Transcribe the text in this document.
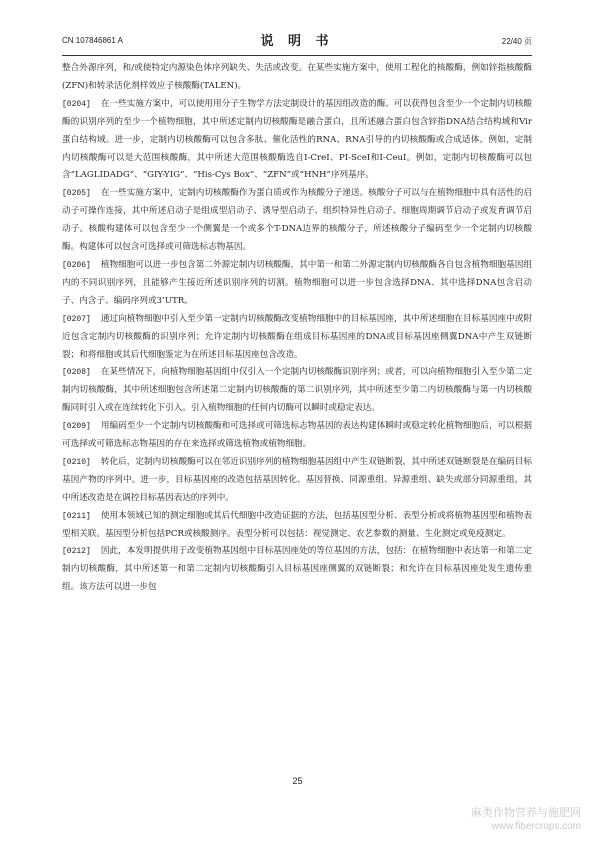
CN 107846861 A	说 明 书	22/40 页

整合外源序列，和/或使特定内源染色体序列缺失、失活或改变。在某些实施方案中，使用工程化的核酸酶，例如锌指核酸酶(ZFN)和转录活化剂样效应子核酸酶(TALEN)。

[0204] 在一些实施方案中，可以使用用分子生物学方法定制设计的基因组改造的酶。可以获得包含至少一个定制内切核酸酶的识别序列的至少一个植物细胞，其中所述定制内切核酸酶是融合蛋白，且所述融合蛋白包含锌指DNA结合结构域和Vir蛋白结构域。进一步，定制内切核酸酶可以包含多肽、催化活性的RNA、RNA引导的内切核酸酶或合成适体。例如，定制内切核酸酶可以是大范围核酸酶，其中所述大范围核酸酶选自I-CreI、PI-SceI和I-CeuI。例如，定制内切核酸酶可以包含“LAGLIDADG”、“GIY-YIG”、“His-Cys Box”、“ZFN”或“HNH”序列基序。

[0205] 在一些实施方案中，定制内切核酸酶作为蛋白质或作为核酸分子递送。核酸分子可以与在植物细胞中具有活性的启动子可操作连接，其中所述启动子是组成型启动子、诱导型启动子、组织特异性启动子、细胞周期调节启动子或发育调节启动子。核酸构建体可以包含至少一个侧翼是一个或多个T-DNA边界的核酸分子，所述核酸分子编码至少一个定制内切核酸酶。构建体可以包含可选择或可筛选标志物基因。

[0206] 植物细胞可以进一步包含第二外源定制内切核酸酶，其中第一和第二外源定制内切核酸酶各自包含植物细胞基因组内的不同识别序列，且能够产生接近所述识别序列的切割。植物细胞可以进一步包含选择DNA、其中选择DNA包含启动子、内含子、编码序列或3’UTR。

[0207] 通过向植物细胞中引入至少第一定制内切核酸酶改变植物细胞中的目标基因座，其中所述细胞在目标基因座中或附近包含定制内切核酸酶的识别序列；允许定制内切核酸酶在组成目标基因座的DNA或目标基因座侧翼DNA中产生双链断裂；和将细胞或其后代细胞鉴定为在所述目标基因座包含改造。

[0208] 在某些情况下，向植物细胞基因组中仅引入一个定制内切核酸酶识别序列；或者，可以向植物细胞引入至少第二定制内切核酸酶，其中所述细胞包含所述第二定制内切核酸酶的第二识别序列，其中所述至少第二内切核酸酶与第一内切核酸酶同时引入或在连续转化下引入。引入植物细胞的任何内切酶可以瞬时或稳定表达。

[0209] 用编码至少一个定制内切核酸酶和可选择或可筛选标志物基因的表达构建体瞬时或稳定转化植物细胞后，可以根据可选择或可筛选标志物基因的存在来选择或筛选植物或植物细胞。

[0210] 转化后，定制内切核酸酶可以在邻近识别序列的植物细胞基因组中产生双链断裂，其中所述双链断裂是在编码目标基因产物的序列中。进一步，目标基因座的改造包括基因转化、基因替换、同源重组、异源重组、缺失或部分同源重组，其中所述改造是在调控目标基因表达的序列中。

[0211] 使用本领域已知的测定细胞或其后代细胞中改造证据的方法，包括基因型分析、表型分析或将植物基因型和植物表型相关联。基因型分析包括PCR或核酸测序。表型分析可以包括：视觉测定、农艺参数的测量、生化测定或免疫测定。

[0212] 因此，本发明提供用于改变植物基因组中目标基因座处的等位基因的方法，包括：在植物细胞中表达第一和第二定制内切核酸酶，其中所述第一和第二定制内切核酸酶引入目标基因座侧翼的双链断裂；和允许在目标基因座处发生遗传重组。该方法可以进一步包

25
麻类作物营养与施肥网
www.fibercrops.com
